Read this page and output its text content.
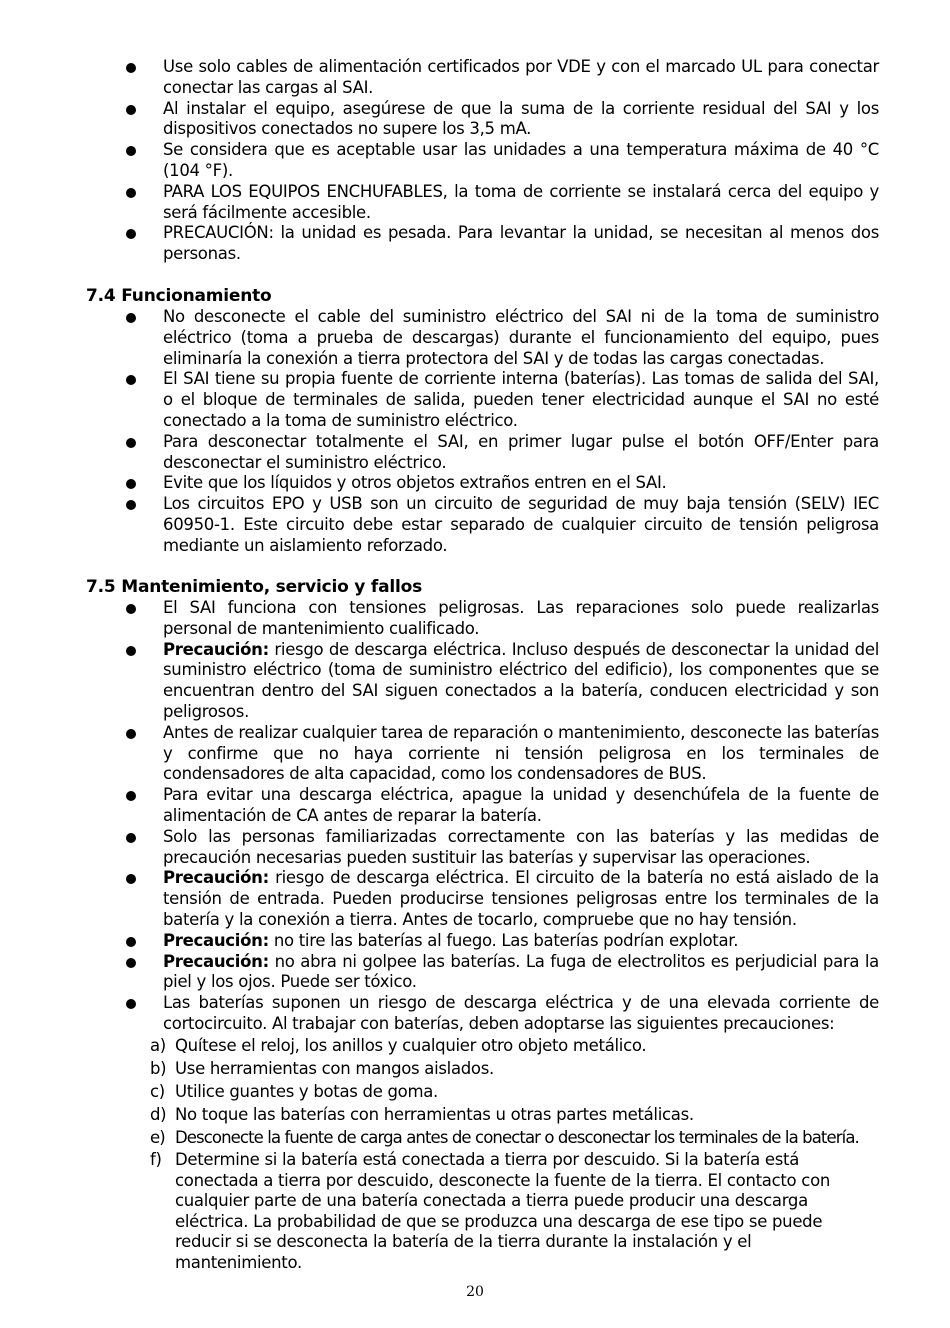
Use solo cables de alimentación certificados por VDE y con el marcado UL para conectar conectar las cargas al SAI.
Al instalar el equipo, asegúrese de que la suma de la corriente residual del SAI y los dispositivos conectados no supere los 3,5 mA.
Se considera que es aceptable usar las unidades a una temperatura máxima de 40 °C (104 °F).
PARA LOS EQUIPOS ENCHUFABLES, la toma de corriente se instalará cerca del equipo y será fácilmente accesible.
PRECAUCIÓN: la unidad es pesada. Para levantar la unidad, se necesitan al menos dos personas.
7.4 Funcionamiento
No desconecte el cable del suministro eléctrico del SAI ni de la toma de suministro eléctrico (toma a prueba de descargas) durante el funcionamiento del equipo, pues eliminaría la conexión a tierra protectora del SAI y de todas las cargas conectadas.
El SAI tiene su propia fuente de corriente interna (baterías). Las tomas de salida del SAI, o el bloque de terminales de salida, pueden tener electricidad aunque el SAI no esté conectado a la toma de suministro eléctrico.
Para desconectar totalmente el SAI, en primer lugar pulse el botón OFF/Enter para desconectar el suministro eléctrico.
Evite que los líquidos y otros objetos extraños entren en el SAI.
Los circuitos EPO y USB son un circuito de seguridad de muy baja tensión (SELV) IEC 60950-1. Este circuito debe estar separado de cualquier circuito de tensión peligrosa mediante un aislamiento reforzado.
7.5 Mantenimiento, servicio y fallos
El SAI funciona con tensiones peligrosas. Las reparaciones solo puede realizarlas personal de mantenimiento cualificado.
Precaución: riesgo de descarga eléctrica. Incluso después de desconectar la unidad del suministro eléctrico (toma de suministro eléctrico del edificio), los componentes que se encuentran dentro del SAI siguen conectados a la batería, conducen electricidad y son peligrosos.
Antes de realizar cualquier tarea de reparación o mantenimiento, desconecte las baterías y confirme que no haya corriente ni tensión peligrosa en los terminales de condensadores de alta capacidad, como los condensadores de BUS.
Para evitar una descarga eléctrica, apague la unidad y desenchúfela de la fuente de alimentación de CA antes de reparar la batería.
Solo las personas familiarizadas correctamente con las baterías y las medidas de precaución necesarias pueden sustituir las baterías y supervisar las operaciones.
Precaución: riesgo de descarga eléctrica. El circuito de la batería no está aislado de la tensión de entrada. Pueden producirse tensiones peligrosas entre los terminales de la batería y la conexión a tierra. Antes de tocarlo, compruebe que no hay tensión.
Precaución: no tire las baterías al fuego. Las baterías podrían explotar.
Precaución: no abra ni golpee las baterías. La fuga de electrolitos es perjudicial para la piel y los ojos. Puede ser tóxico.
Las baterías suponen un riesgo de descarga eléctrica y de una elevada corriente de cortocircuito. Al trabajar con baterías, deben adoptarse las siguientes precauciones:
a) Quítese el reloj, los anillos y cualquier otro objeto metálico.
b) Use herramientas con mangos aislados.
c) Utilice guantes y botas de goma.
d) No toque las baterías con herramientas u otras partes metálicas.
e) Desconecte la fuente de carga antes de conectar o desconectar los terminales de la batería.
f) Determine si la batería está conectada a tierra por descuido. Si la batería está conectada a tierra por descuido, desconecte la fuente de la tierra. El contacto con cualquier parte de una batería conectada a tierra puede producir una descarga eléctrica. La probabilidad de que se produzca una descarga de ese tipo se puede reducir si se desconecta la batería de la tierra durante la instalación y el mantenimiento.
20
